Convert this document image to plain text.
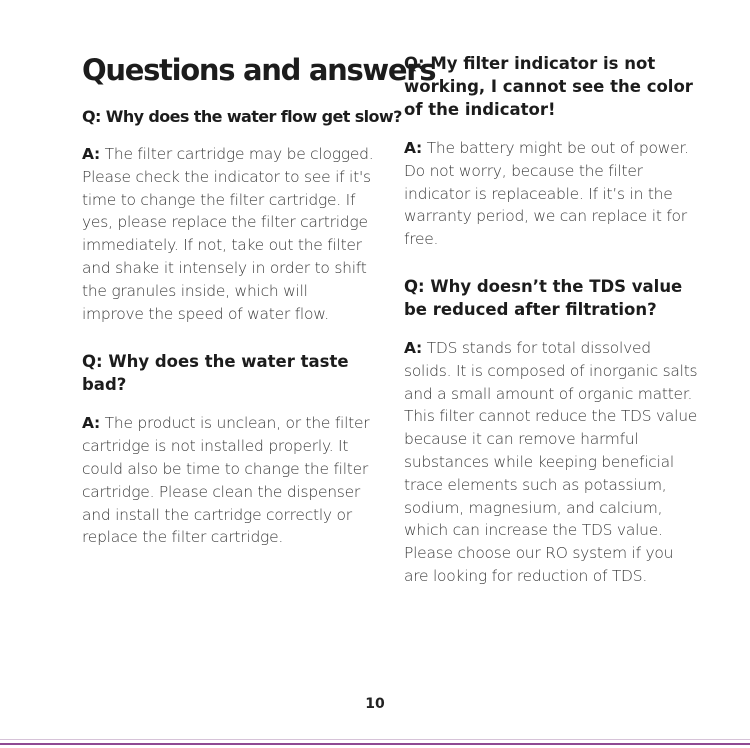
Questions and answers

Q: Why does the water flow get slow?

A: The filter cartridge may be clogged. Please check the indicator to see if it's time to change the filter cartridge. If yes, please replace the filter cartridge immediately. If not, take out the filter and shake it intensely in order to shift the granules inside, which will improve the speed of water flow.

Q: Why does the water taste bad?

A: The product is unclean, or the filter cartridge is not installed properly. It could also be time to change the filter cartridge. Please clean the dispenser and install the cartridge correctly or replace the filter cartridge.

Q: My filter indicator is not working, I cannot see the color of the indicator!

A: The battery might be out of power. Do not worry, because the filter indicator is replaceable. If it’s in the warranty period, we can replace it for free.

Q: Why doesn’t the TDS value be reduced after filtration?

A: TDS stands for total dissolved solids. It is composed of inorganic salts and a small amount of organic matter. This filter cannot reduce the TDS value because it can remove harmful substances while keeping beneficial trace elements such as potassium, sodium, magnesium, and calcium, which can increase the TDS value. Please choose our RO system if you are looking for reduction of TDS.

10
